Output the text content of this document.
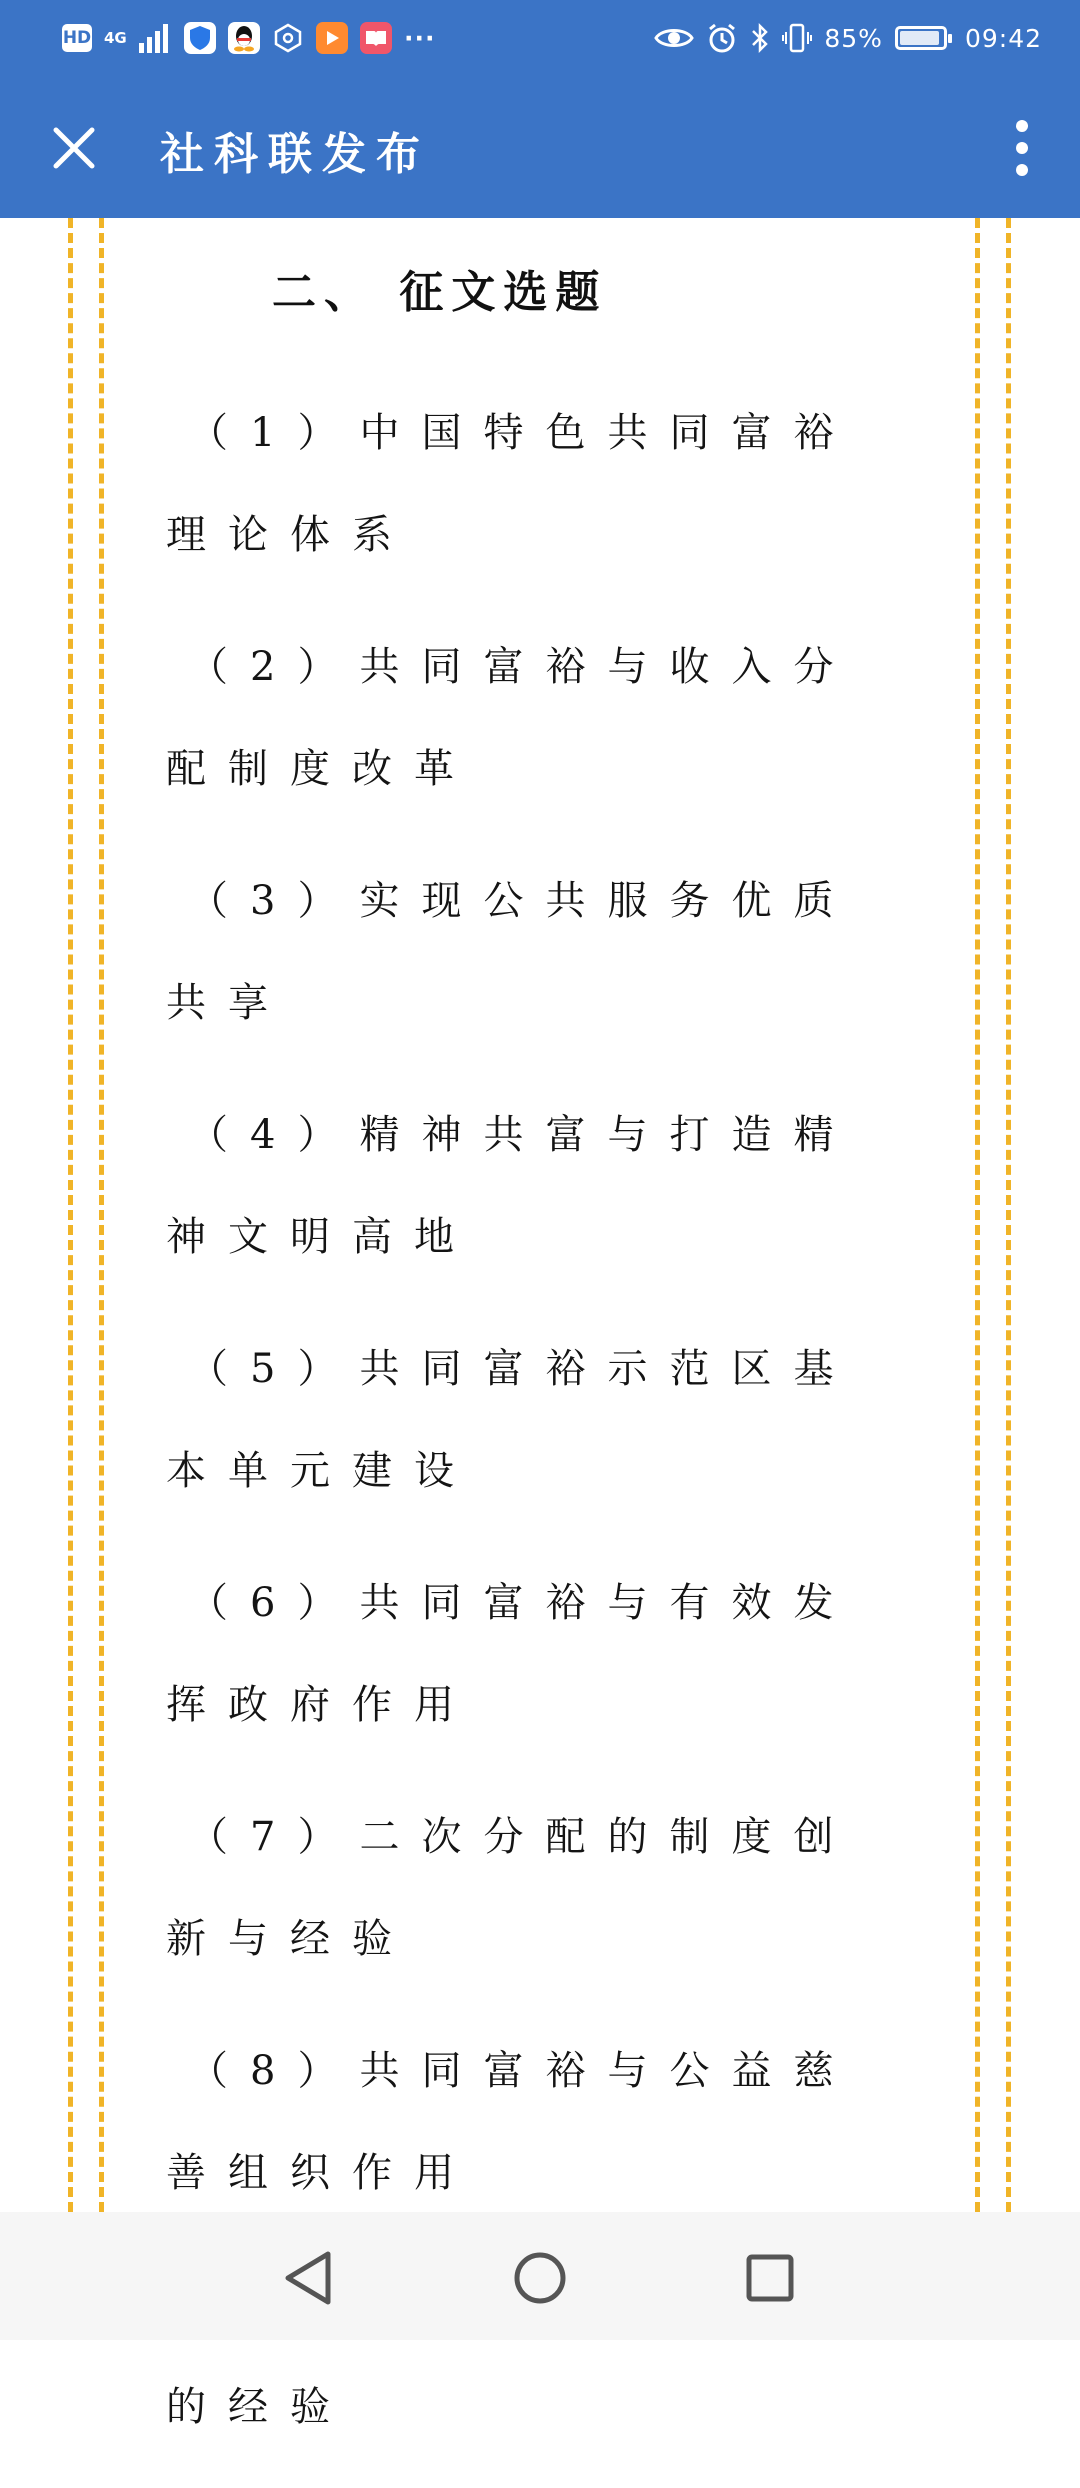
HD 4G	···	85%	09:42
社科联发布
二、 征文选题
（1）中国特色共同富裕理论体系
（2）共同富裕与收入分配制度改革
（3）实现公共服务优质共享
（4）精神共富与打造精神文明高地
（5）共同富裕示范区基本单元建设
（6）共同富裕与有效发挥政府作用
（7）二次分配的制度创新与经验
（8）共同富裕与公益慈善组织作用
的经验
